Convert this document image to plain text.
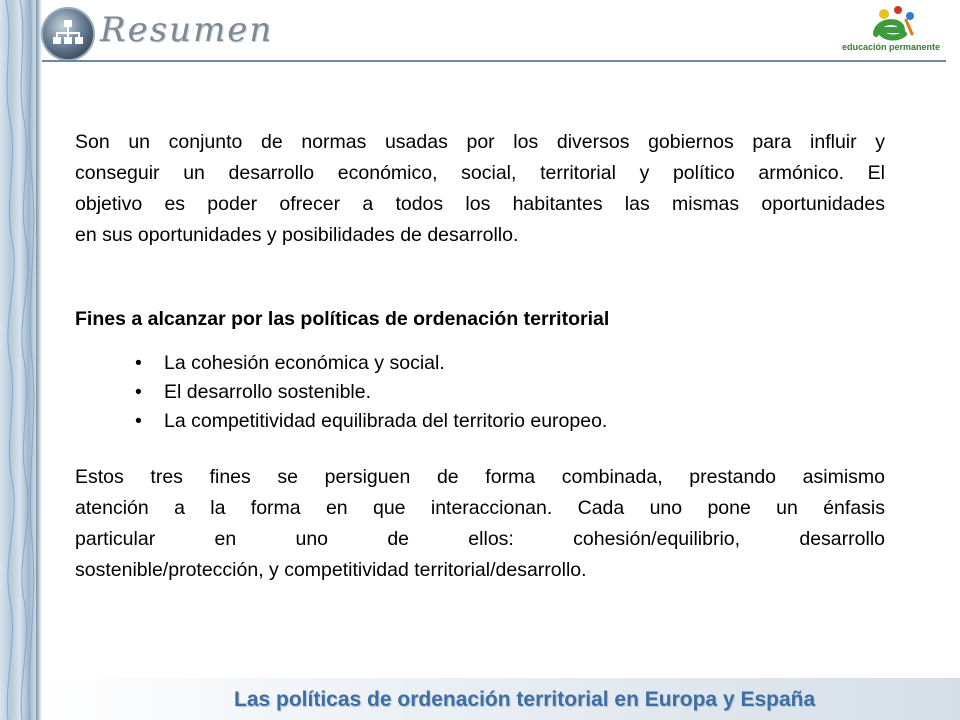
Resumen	educación permanente
Son un conjunto de normas usadas por los diversos gobiernos para influir y
conseguir un desarrollo económico, social, territorial y político armónico. El
objetivo es poder ofrecer a todos los habitantes las mismas oportunidades
en sus oportunidades y posibilidades de desarrollo.
Fines a alcanzar por las políticas de ordenación territorial
• La cohesión económica y social.
• El desarrollo sostenible.
• La competitividad equilibrada del territorio europeo.
Estos tres fines se persiguen de forma combinada, prestando asimismo
atención a la forma en que interaccionan. Cada uno pone un énfasis
particular en uno de ellos: cohesión/equilibrio, desarrollo
sostenible/protección, y competitividad territorial/desarrollo.
Las políticas de ordenación territorial en Europa y España
